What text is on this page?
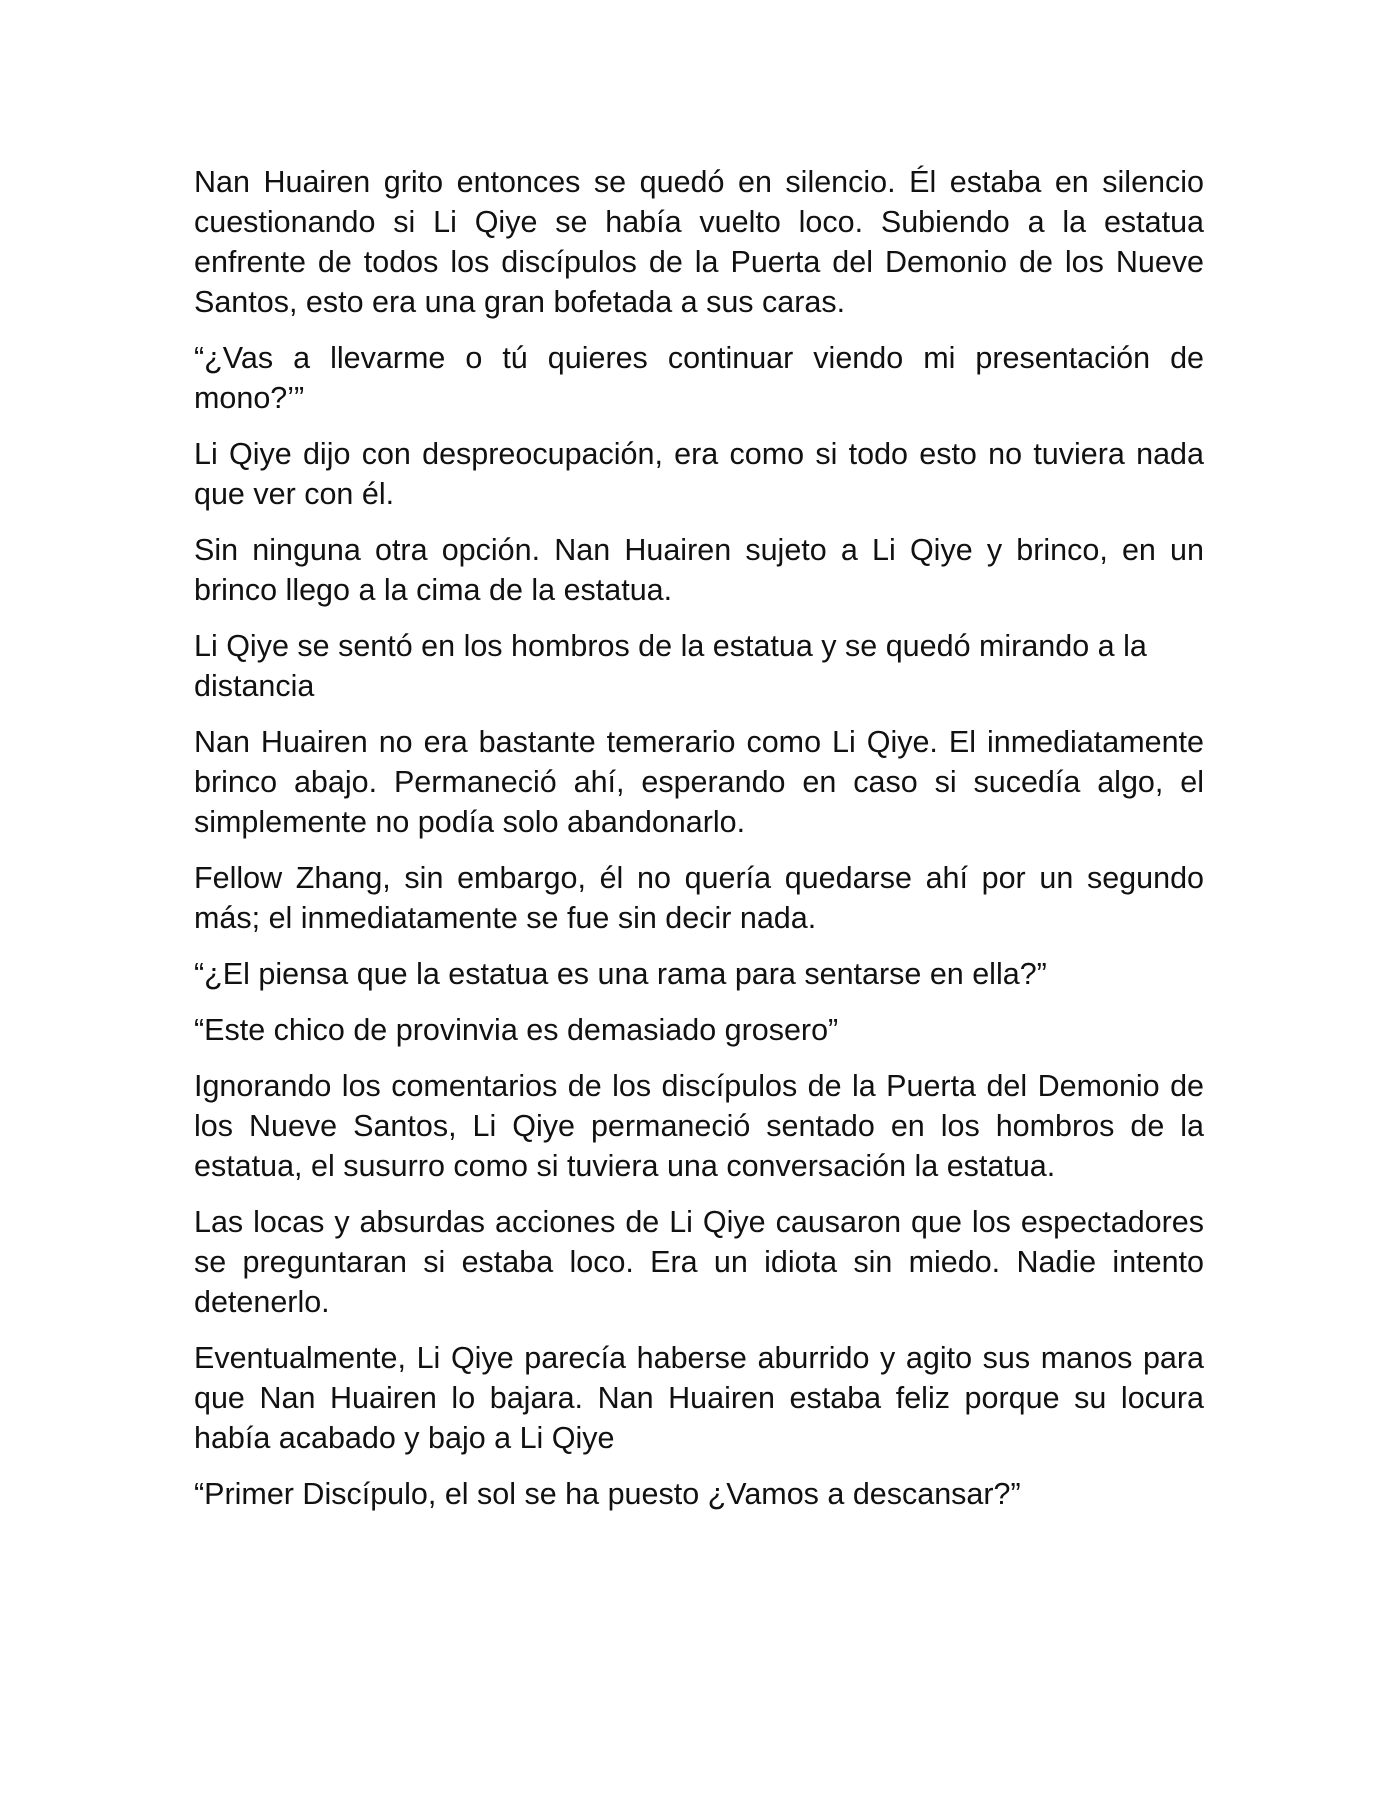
Nan Huairen grito entonces se quedó en silencio. Él estaba en silencio cuestionando si Li Qiye se había vuelto loco. Subiendo a la estatua enfrente de todos los discípulos de la Puerta del Demonio de los Nueve Santos, esto era una gran bofetada a sus caras.

“¿Vas a llevarme o tú quieres continuar viendo mi presentación de mono?’”

Li Qiye dijo con despreocupación, era como si todo esto no tuviera nada que ver con él.

Sin ninguna otra opción. Nan Huairen sujeto a Li Qiye y brinco, en un brinco llego a la cima de la estatua.

Li Qiye se sentó en los hombros de la estatua y se quedó mirando a la distancia

Nan Huairen no era bastante temerario como Li Qiye. El inmediatamente brinco abajo. Permaneció ahí, esperando en caso si sucedía algo, el simplemente no podía solo abandonarlo.

Fellow Zhang, sin embargo, él no quería quedarse ahí por un segundo más; el inmediatamente se fue sin decir nada.

“¿El piensa que la estatua es una rama para sentarse en ella?”

“Este chico de provinvia es demasiado grosero”

Ignorando los comentarios de los discípulos de la Puerta del Demonio de los Nueve Santos, Li Qiye permaneció sentado en los hombros de la estatua, el susurro como si tuviera una conversación la estatua.

Las locas y absurdas acciones de Li Qiye causaron que los espectadores se preguntaran si estaba loco. Era un idiota sin miedo. Nadie intento detenerlo.

Eventualmente, Li Qiye parecía haberse aburrido y agito sus manos para que Nan Huairen lo bajara. Nan Huairen estaba feliz porque su locura había acabado y bajo a Li Qiye

“Primer Discípulo, el sol se ha puesto ¿Vamos a descansar?”
